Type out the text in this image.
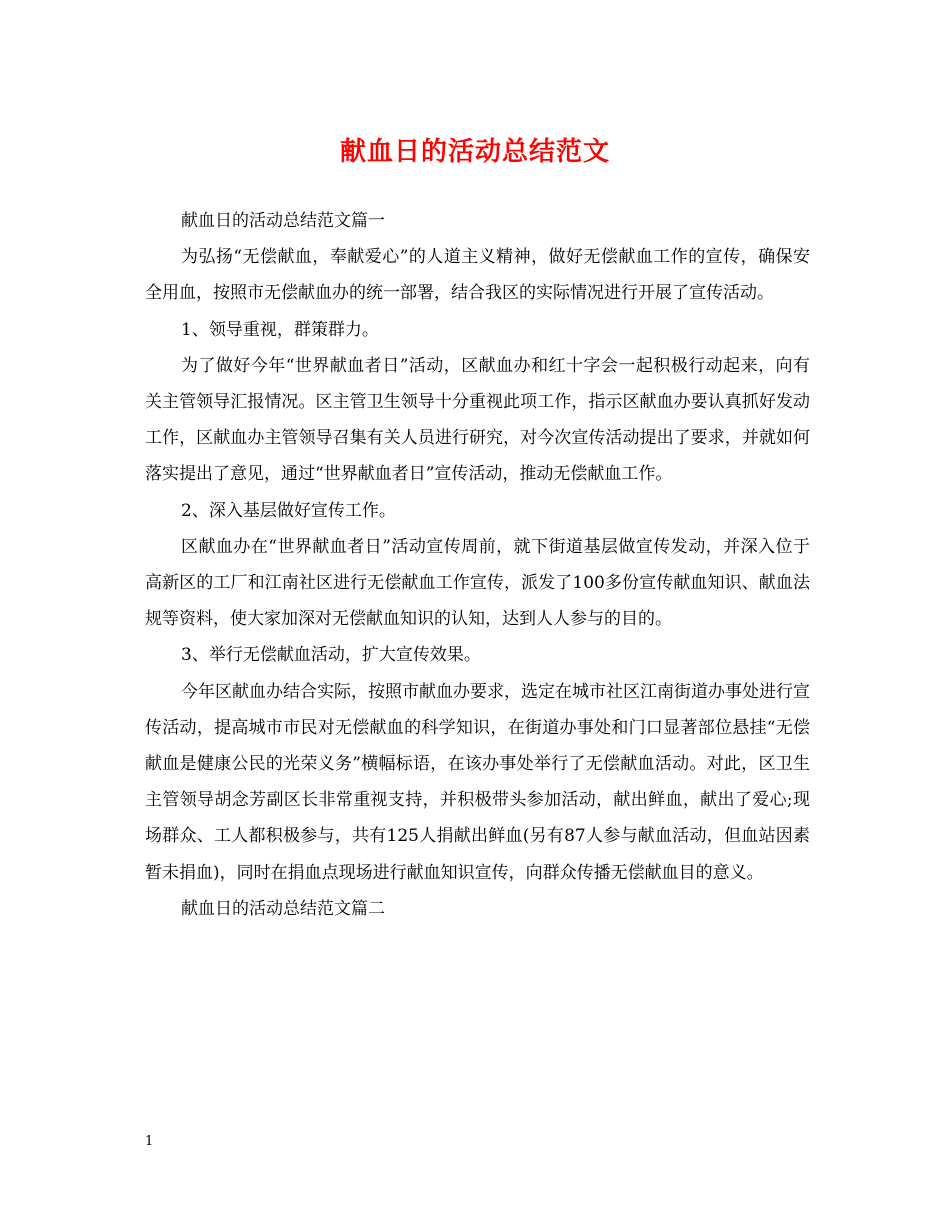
献血日的活动总结范文

献血日的活动总结范文篇一

为弘扬“无偿献血，奉献爱心”的人道主义精神，做好无偿献血工作的宣传，确保安全用血，按照市无偿献血办的统一部署，结合我区的实际情况进行开展了宣传活动。

1、领导重视，群策群力。

为了做好今年“世界献血者日”活动，区献血办和红十字会一起积极行动起来，向有关主管领导汇报情况。区主管卫生领导十分重视此项工作，指示区献血办要认真抓好发动工作，区献血办主管领导召集有关人员进行研究，对今次宣传活动提出了要求，并就如何落实提出了意见，通过“世界献血者日”宣传活动，推动无偿献血工作。

2、深入基层做好宣传工作。

区献血办在“世界献血者日”活动宣传周前，就下街道基层做宣传发动，并深入位于高新区的工厂和江南社区进行无偿献血工作宣传，派发了100多份宣传献血知识、献血法规等资料，使大家加深对无偿献血知识的认知，达到人人参与的目的。

3、举行无偿献血活动，扩大宣传效果。

今年区献血办结合实际，按照市献血办要求，选定在城市社区江南街道办事处进行宣传活动，提高城市市民对无偿献血的科学知识，在街道办事处和门口显著部位悬挂“无偿献血是健康公民的光荣义务”横幅标语，在该办事处举行了无偿献血活动。对此，区卫生主管领导胡念芳副区长非常重视支持，并积极带头参加活动，献出鲜血，献出了爱心;现场群众、工人都积极参与，共有125人捐献出鲜血(另有87人参与献血活动，但血站因素暂未捐血)，同时在捐血点现场进行献血知识宣传，向群众传播无偿献血目的意义。

献血日的活动总结范文篇二

1
